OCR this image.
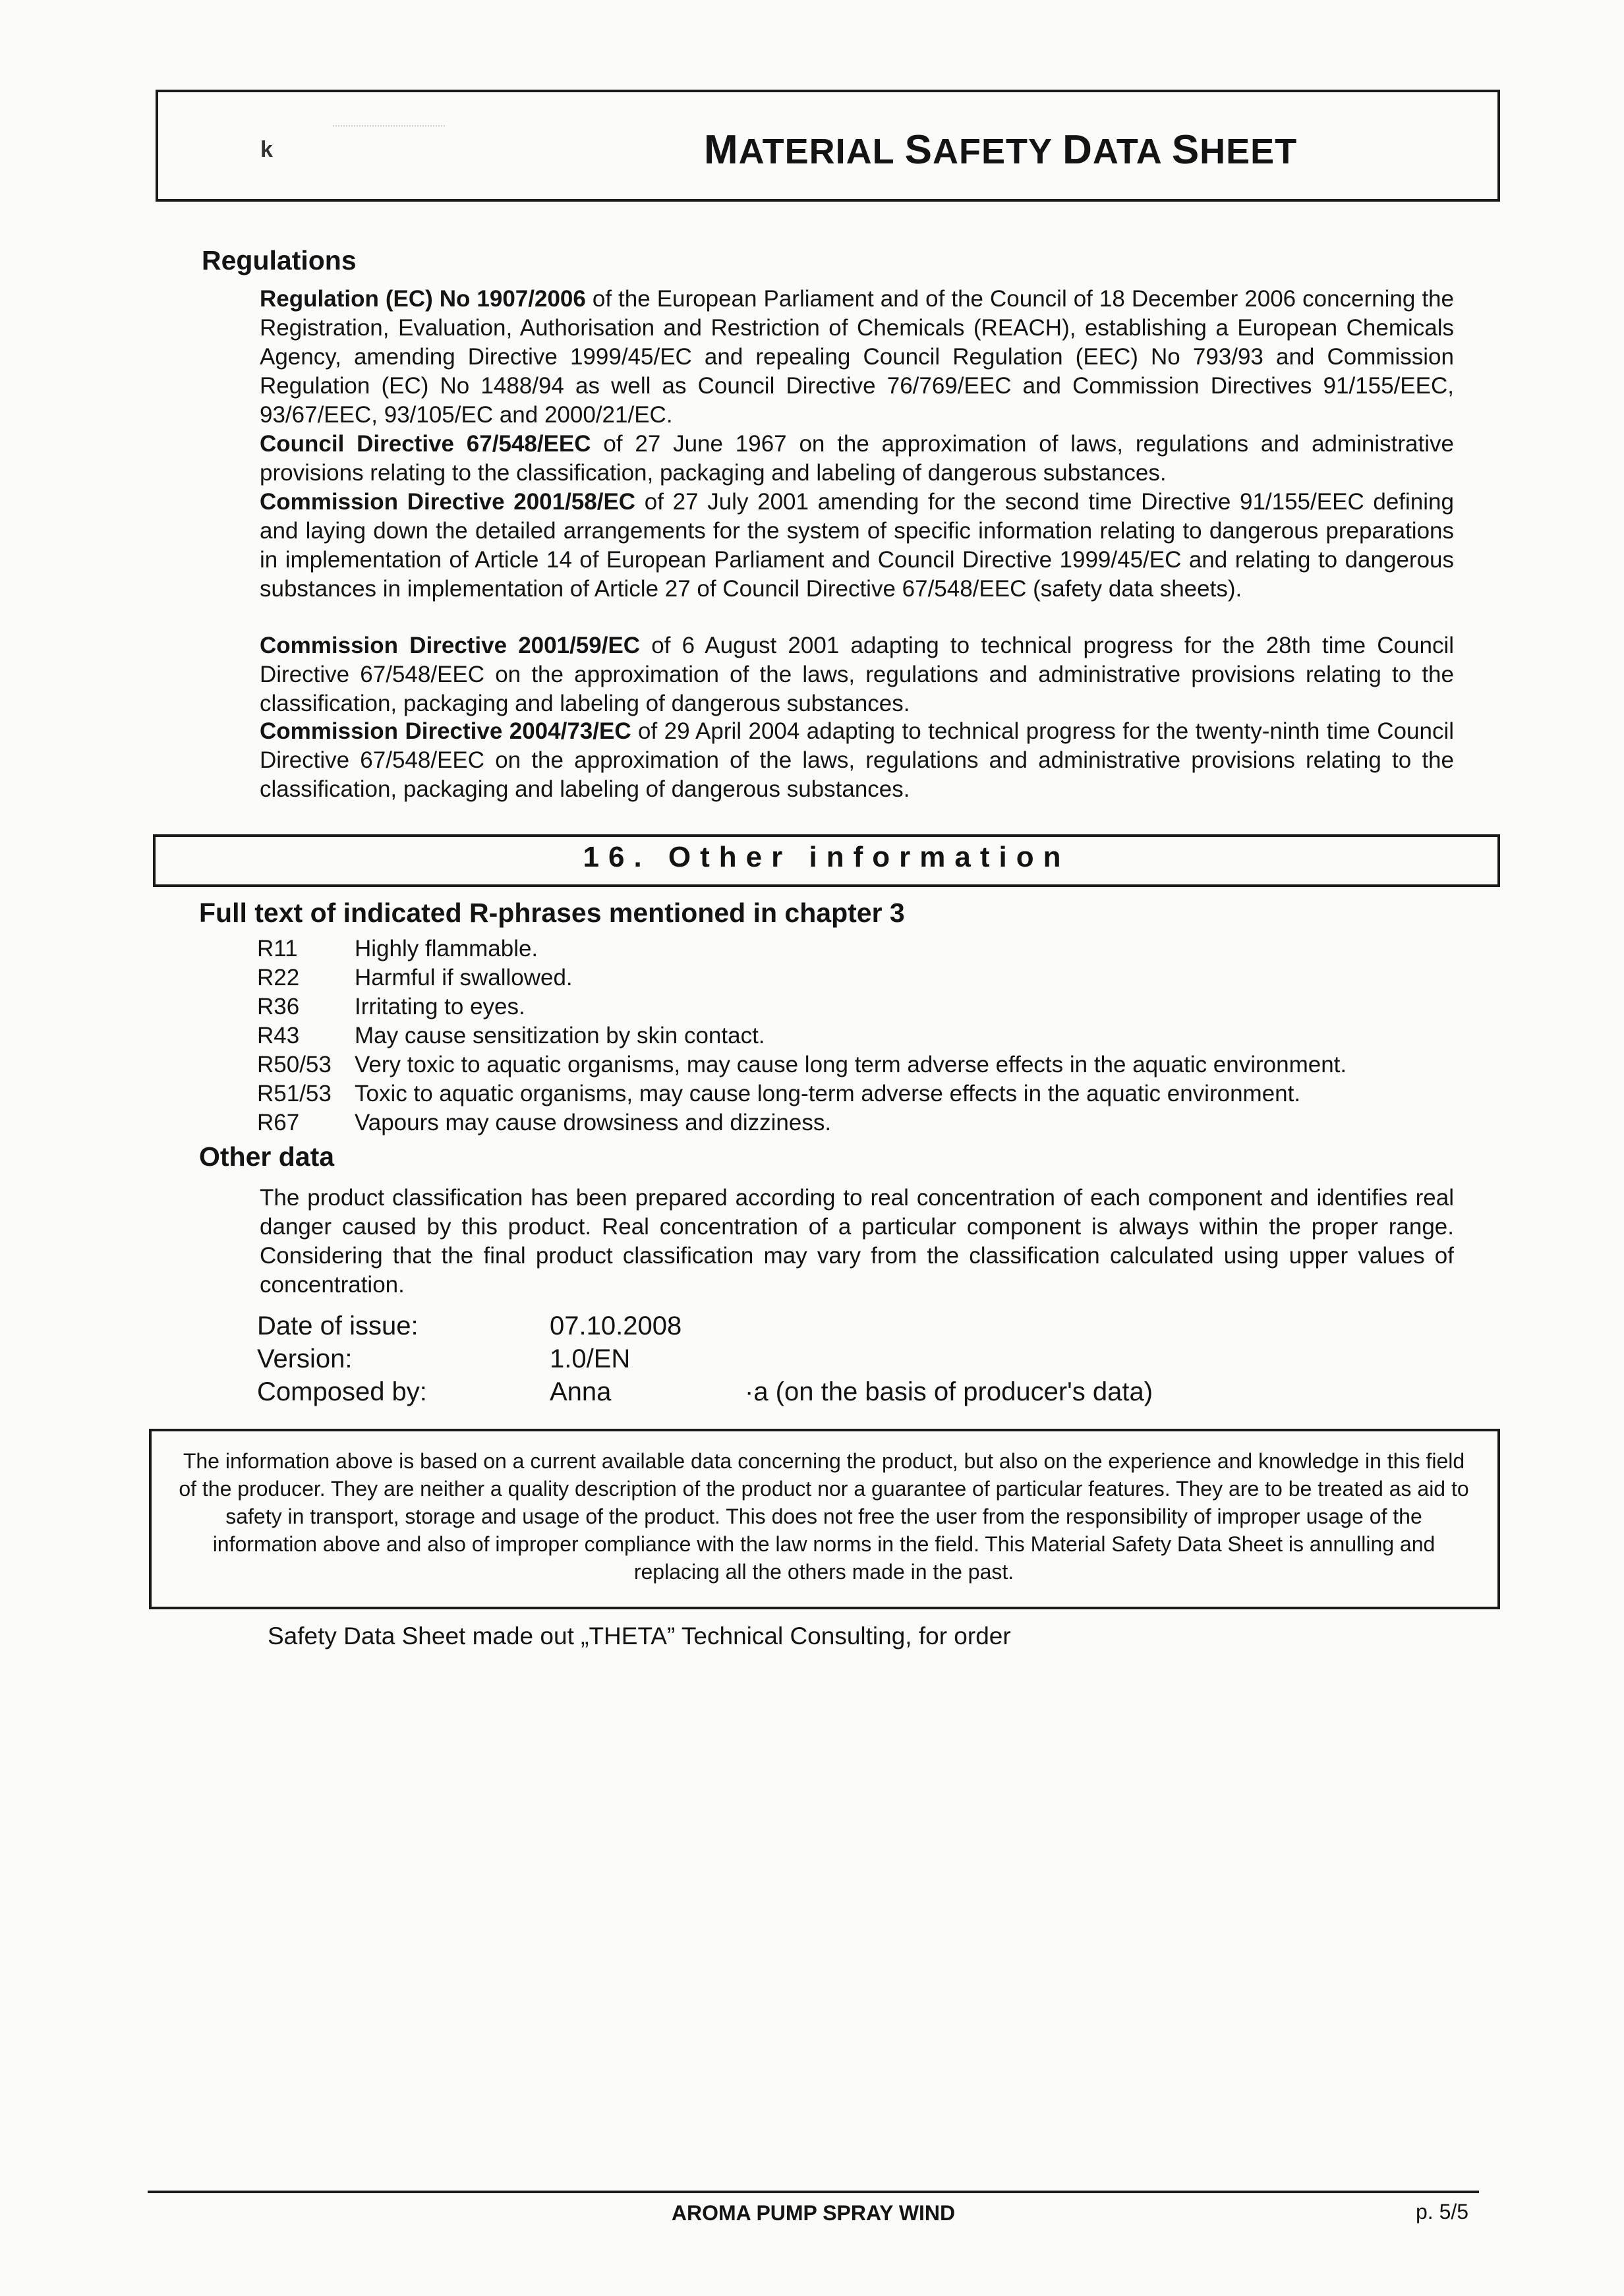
k	MATERIAL SAFETY DATA SHEET
Regulations
Regulation (EC) No 1907/2006 of the European Parliament and of the Council of 18 December 2006 concerning the Registration, Evaluation, Authorisation and Restriction of Chemicals (REACH), establishing a European Chemicals Agency, amending Directive 1999/45/EC and repealing Council Regulation (EEC) No 793/93 and Commission Regulation (EC) No 1488/94 as well as Council Directive 76/769/EEC and Commission Directives 91/155/EEC, 93/67/EEC, 93/105/EC and 2000/21/EC.
Council Directive 67/548/EEC of 27 June 1967 on the approximation of laws, regulations and administrative provisions relating to the classification, packaging and labeling of dangerous substances.
Commission Directive 2001/58/EC of 27 July 2001 amending for the second time Directive 91/155/EEC defining and laying down the detailed arrangements for the system of specific information relating to dangerous preparations in implementation of Article 14 of European Parliament and Council Directive 1999/45/EC and relating to dangerous substances in implementation of Article 27 of Council Directive 67/548/EEC (safety data sheets).
Commission Directive 2001/59/EC of 6 August 2001 adapting to technical progress for the 28th time Council Directive 67/548/EEC on the approximation of the laws, regulations and administrative provisions relating to the classification, packaging and labeling of dangerous substances.
Commission Directive 2004/73/EC of 29 April 2004 adapting to technical progress for the twenty-ninth time Council Directive 67/548/EEC on the approximation of the laws, regulations and administrative provisions relating to the classification, packaging and labeling of dangerous substances.
16. Other information
Full text of indicated R-phrases mentioned in chapter 3
R11 Highly flammable.
R22 Harmful if swallowed.
R36 Irritating to eyes.
R43 May cause sensitization by skin contact.
R50/53 Very toxic to aquatic organisms, may cause long term adverse effects in the aquatic environment.
R51/53 Toxic to aquatic organisms, may cause long-term adverse effects in the aquatic environment.
R67 Vapours may cause drowsiness and dizziness.
Other data
The product classification has been prepared according to real concentration of each component and identifies real danger caused by this product. Real concentration of a particular component is always within the proper range. Considering that the final product classification may vary from the classification calculated using upper values of concentration.
Date of issue:	07.10.2008
Version:	1.0/EN
Composed by:	Anna	·a (on the basis of producer's data)
The information above is based on a current available data concerning the product, but also on the experience and knowledge in this field of the producer. They are neither a quality description of the product nor a guarantee of particular features. They are to be treated as aid to safety in transport, storage and usage of the product. This does not free the user from the responsibility of improper usage of the information above and also of improper compliance with the law norms in the field. This Material Safety Data Sheet is annulling and replacing all the others made in the past.
Safety Data Sheet made out „THETA” Technical Consulting, for order
AROMA PUMP SPRAY WIND	p. 5/5
